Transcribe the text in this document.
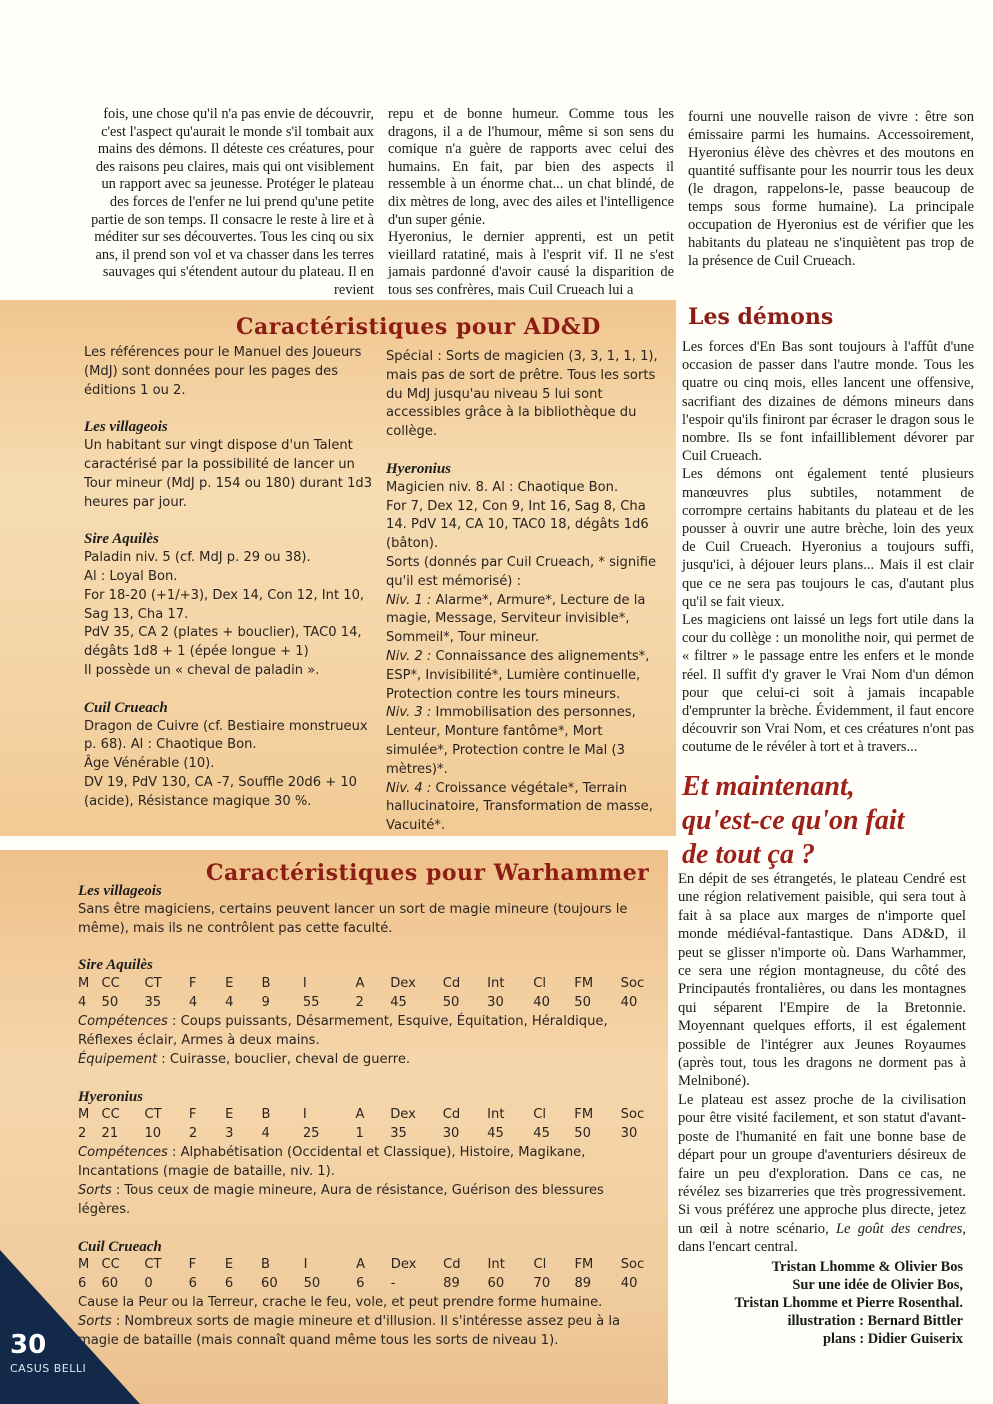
fois, une chose qu'il n'a pas envie de découvrir, c'est l'aspect qu'aurait le monde s'il tombait aux mains des démons. Il déteste ces créatures, pour des raisons peu claires, mais qui ont visiblement un rapport avec sa jeunesse. Protéger le plateau des forces de l'enfer ne lui prend qu'une petite partie de son temps. Il consacre le reste à lire et à méditer sur ses découvertes. Tous les cinq ou six ans, il prend son vol et va chasser dans les terres sauvages qui s'étendent autour du plateau. Il en revient

repu et de bonne humeur. Comme tous les dragons, il a de l'humour, même si son sens du comique n'a guère de rapports avec celui des humains. En fait, par bien des aspects il ressemble à un énorme chat... un chat blindé, de dix mètres de long, avec des ailes et l'intelligence d'un super génie.

Hyeronius, le dernier apprenti, est un petit vieillard ratatiné, mais à l'esprit vif. Il ne s'est jamais pardonné d'avoir causé la disparition de tous ses confrères, mais Cuil Crueach lui a

fourni une nouvelle raison de vivre : être son émissaire parmi les humains. Accessoirement, Hyeronius élève des chèvres et des moutons en quantité suffisante pour les nourrir tous les deux (le dragon, rappelons-le, passe beaucoup de temps sous forme humaine). La principale occupation de Hyeronius est de vérifier que les habitants du plateau ne s'inquiètent pas trop de la présence de Cuil Crueach.

Les démons

Les forces d'En Bas sont toujours à l'affût d'une occasion de passer dans l'autre monde. Tous les quatre ou cinq mois, elles lancent une offensive, sacrifiant des dizaines de démons mineurs dans l'espoir qu'ils finiront par écraser le dragon sous le nombre. Ils se font infailliblement dévorer par Cuil Crueach.

Les démons ont également tenté plusieurs manœuvres plus subtiles, notamment de corrompre certains habitants du plateau et de les pousser à ouvrir une autre brèche, loin des yeux de Cuil Crueach. Hyeronius a toujours suffi, jusqu'ici, à déjouer leurs plans... Mais il est clair que ce ne sera pas toujours le cas, d'autant plus qu'il se fait vieux.

Les magiciens ont laissé un legs fort utile dans la cour du collège : un monolithe noir, qui permet de « filtrer » le passage entre les enfers et le monde réel. Il suffit d'y graver le Vrai Nom d'un démon pour que celui-ci soit à jamais incapable d'emprunter la brèche. Évidemment, il faut encore découvrir son Vrai Nom, et ces créatures n'ont pas coutume de le révéler à tort et à travers...

Et maintenant,
qu'est-ce qu'on fait
de tout ça ?

En dépit de ses étrangetés, le plateau Cendré est une région relativement paisible, qui sera tout à fait à sa place aux marges de n'importe quel monde médiéval-fantastique. Dans AD&D, il peut se glisser n'importe où. Dans Warhammer, ce sera une région montagneuse, du côté des Principautés frontalières, ou dans les montagnes qui séparent l'Empire de la Bretonnie. Moyennant quelques efforts, il est également possible de l'intégrer aux Jeunes Royaumes (après tout, tous les dragons ne dorment pas à Melniboné).

Le plateau est assez proche de la civilisation pour être visité facilement, et son statut d'avant-poste de l'humanité en fait une bonne base de départ pour un groupe d'aventuriers désireux de faire un peu d'exploration. Dans ce cas, ne révélez ses bizarreries que très progressivement. Si vous préférez une approche plus directe, jetez un œil à notre scénario, Le goût des cendres, dans l'encart central.

Tristan Lhomme & Olivier Bos
Sur une idée de Olivier Bos,
Tristan Lhomme et Pierre Rosenthal.
illustration : Bernard Bittler
plans : Didier Guiserix
Caractéristiques pour AD&D

Les références pour le Manuel des Joueurs (MdJ) sont données pour les pages des éditions 1 ou 2.

Les villageois

Un habitant sur vingt dispose d'un Talent caractérisé par la possibilité de lancer un Tour mineur (MdJ p. 154 ou 180) durant 1d3 heures par jour.

Sire Aquilès

Paladin niv. 5 (cf. MdJ p. 29 ou 38).

Al : Loyal Bon.

For 18-20 (+1/+3), Dex 14, Con 12, Int 10, Sag 13, Cha 17.

PdV 35, CA 2 (plates + bouclier), TAC0 14, dégâts 1d8 + 1 (épée longue + 1)

Il possède un « cheval de paladin ».

Cuil Crueach

Dragon de Cuivre (cf. Bestiaire monstrueux p. 68). Al : Chaotique Bon.

Âge Vénérable (10).

DV 19, PdV 130, CA -7, Souffle 20d6 + 10 (acide), Résistance magique 30 %.

Spécial : Sorts de magicien (3, 3, 1, 1, 1), mais pas de sort de prêtre. Tous les sorts du MdJ jusqu'au niveau 5 lui sont accessibles grâce à la bibliothèque du collège.

Hyeronius

Magicien niv. 8. Al : Chaotique Bon.

For 7, Dex 12, Con 9, Int 16, Sag 8, Cha 14. PdV 14, CA 10, TAC0 18, dégâts 1d6 (bâton).

Sorts (donnés par Cuil Crueach, * signifie qu'il est mémorisé) :

Niv. 1 : Alarme*, Armure*, Lecture de la magie, Message, Serviteur invisible*, Sommeil*, Tour mineur.

Niv. 2 : Connaissance des alignements*, ESP*, Invisibilité*, Lumière continuelle, Protection contre les tours mineurs.

Niv. 3 : Immobilisation des personnes, Lenteur, Monture fantôme*, Mort simulée*, Protection contre le Mal (3 mètres)*.

Niv. 4 : Croissance végétale*, Terrain hallucinatoire, Transformation de masse, Vacuité*.

Caractéristiques pour Warhammer

Les villageois

Sans être magiciens, certains peuvent lancer un sort de magie mineure (toujours le même), mais ils ne contrôlent pas cette faculté.

Sire Aquilès

M	CC	CT	F	E	B	I	A	Dex	Cd	Int	Cl	FM	Soc
4	50	35	4	4	9	55	2	45	50	30	40	50	40

Compétences : Coups puissants, Désarmement, Esquive, Équitation, Héraldique, Réflexes éclair, Armes à deux mains.

Équipement : Cuirasse, bouclier, cheval de guerre.

Hyeronius

M	CC	CT	F	E	B	I	A	Dex	Cd	Int	Cl	FM	Soc
2	21	10	2	3	4	25	1	35	30	45	45	50	30

Compétences : Alphabétisation (Occidental et Classique), Histoire, Magikane, Incantations (magie de bataille, niv. 1).

Sorts : Tous ceux de magie mineure, Aura de résistance, Guérison des blessures légères.

Cuil Crueach

M	CC	CT	F	E	B	I	A	Dex	Cd	Int	Cl	FM	Soc
6	60	0	6	6	60	50	6	-	89	60	70	89	40

Cause la Peur ou la Terreur, crache le feu, vole, et peut prendre forme humaine.

Sorts : Nombreux sorts de magie mineure et d'illusion. Il s'intéresse assez peu à la magie de bataille (mais connaît quand même tous les sorts de niveau 1).

30
CASUS BELLI
